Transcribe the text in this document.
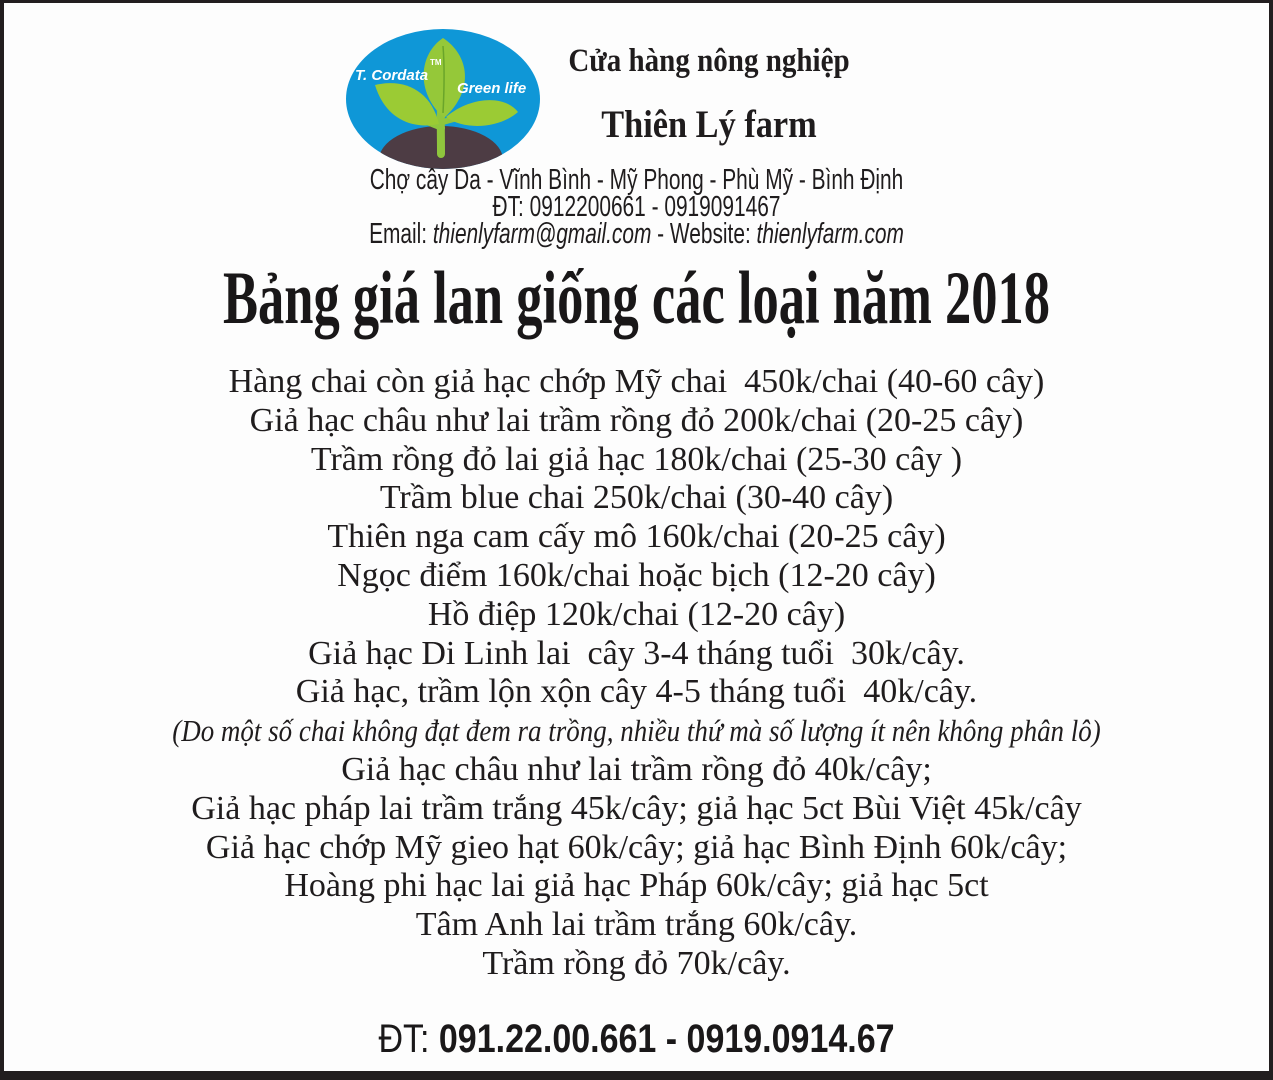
T. Cordata
TM
Green life
Cửa hàng nông nghiệp
Thiên Lý farm
Chợ cây Da - Vĩnh Bình - Mỹ Phong - Phù Mỹ - Bình Định
ĐT: 0912200661 - 0919091467
Email: thienlyfarm@gmail.com - Website: thienlyfarm.com
Bảng giá lan giống các loại năm 2018
Hàng chai còn giả hạc chớp Mỹ chai  450k/chai (40-60 cây)
Giả hạc châu như lai trầm rồng đỏ 200k/chai (20-25 cây)
Trầm rồng đỏ lai giả hạc 180k/chai (25-30 cây )
Trầm blue chai 250k/chai (30-40 cây)
Thiên nga cam cấy mô 160k/chai (20-25 cây)
Ngọc điểm 160k/chai hoặc bịch (12-20 cây)
Hồ điệp 120k/chai (12-20 cây)
Giả hạc Di Linh lai  cây 3-4 tháng tuổi  30k/cây.
Giả hạc, trầm lộn xộn cây 4-5 tháng tuổi  40k/cây.
(Do một số chai không đạt đem ra trồng, nhiều thứ mà số lượng ít nên không phân lô)
Giả hạc châu như lai trầm rồng đỏ 40k/cây;
Giả hạc pháp lai trầm trắng 45k/cây; giả hạc 5ct Bùi Việt 45k/cây
Giả hạc chớp Mỹ gieo hạt 60k/cây; giả hạc Bình Định 60k/cây;
Hoàng phi hạc lai giả hạc Pháp 60k/cây; giả hạc 5ct
Tâm Anh lai trầm trắng 60k/cây.
Trầm rồng đỏ 70k/cây.
ĐT: 091.22.00.661 - 0919.0914.67
